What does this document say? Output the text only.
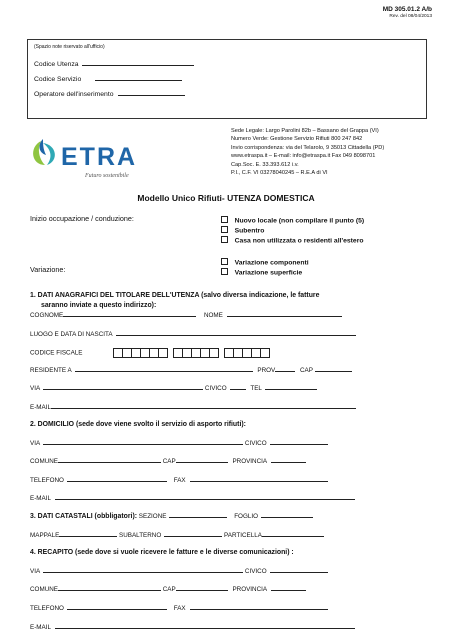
MD 305.01.2 A/b
Rev. del 08/04/2013
(Spazio note riservato all'ufficio)
Codice Utenza
Codice Servizio
Operatore dell'inserimento
ETRA
Futuro sostenibile
Sede Legale: Largo Parolini 82b – Bassano del Grappa (VI)
Numero Verde: Gestione Servizio Rifiuti 800 247 842
Invio corrispondenza: via del Telarolo, 9 35013 Cittadella (PD)
www.etraspa.it – E-mail: info@etraspa.it Fax 049 8098701
Cap.Soc. E. 33.393.612 i.v.
P.I., C.F. VI 03278040245 – R.E.A di VI
Modello Unico Rifiuti- UTENZA DOMESTICA
Inizio occupazione / conduzione:	Nuovo locale (non compilare il punto (5)
Subentro
Casa non utilizzata o residenti all'estero
Variazione:
Variazione componenti
Variazione superficie
1. DATI ANAGRAFICI DEL TITOLARE DELL'UTENZA (salvo diversa indicazione, le fatture
saranno inviate a questo indirizzo):
COGNOME	NOME
LUOGO E DATA DI NASCITA
CODICE FISCALE
RESIDENTE A	PROV	CAP
VIA	CIVICO	TEL
E-MAIL
2. DOMICILIO (sede dove viene svolto il servizio di asporto rifiuti):
VIA	CIVICO
COMUNE	CAP	PROVINCIA
TELEFONO	FAX
E-MAIL
3. DATI CATASTALI (obbligatori): SEZIONE	FOGLIO
MAPPALE	SUBALTERNO	PARTICELLA
4. RECAPITO (sede dove si vuole ricevere le fatture e le diverse comunicazioni) :
VIA	CIVICO
COMUNE	CAP	PROVINCIA
TELEFONO	FAX
E-MAIL
